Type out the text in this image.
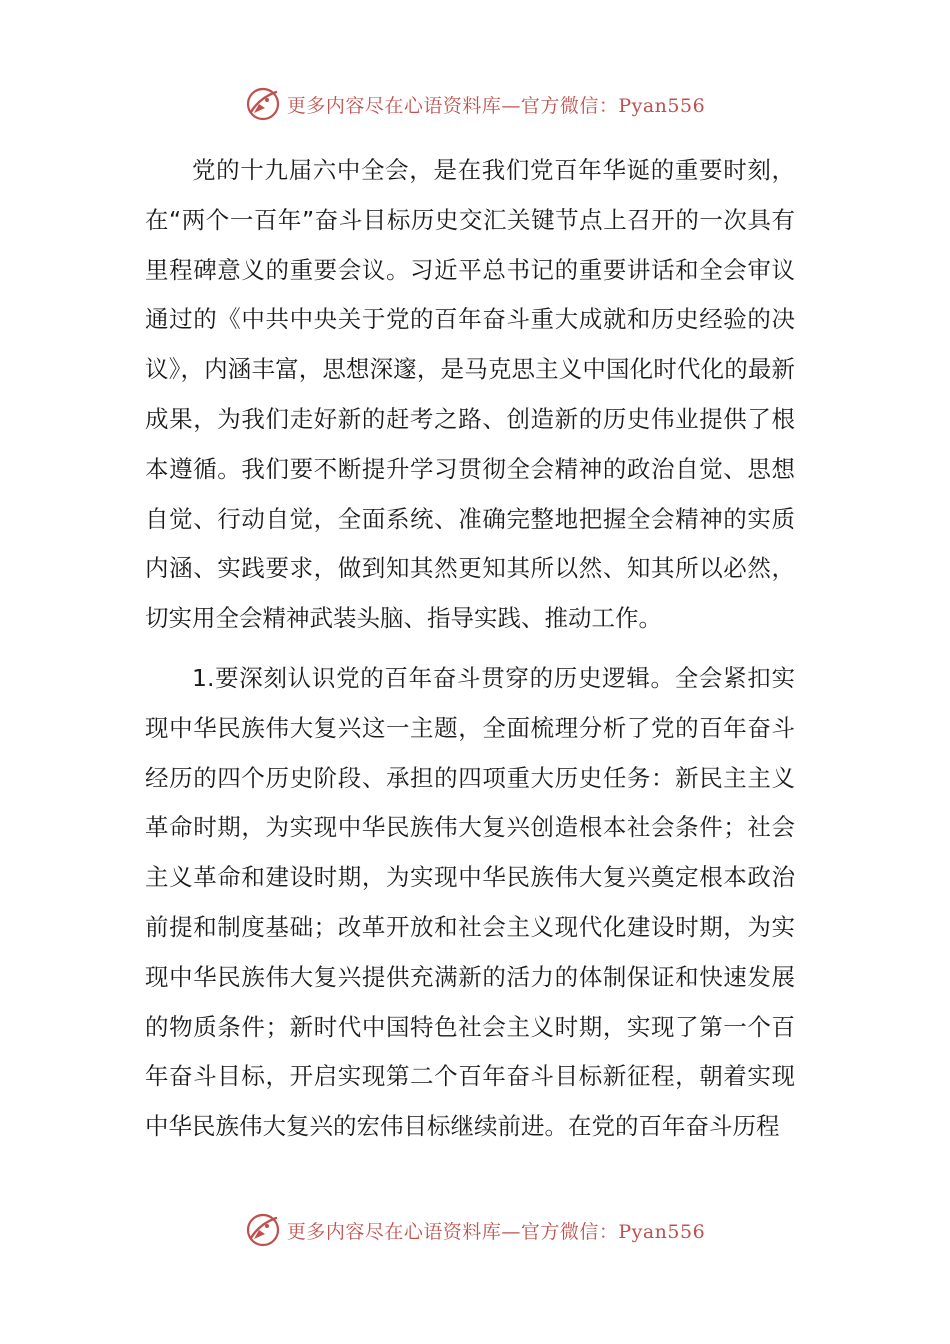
更多内容尽在心语资料库—官方微信：Pyan556

党的十九届六中全会，是在我们党百年华诞的重要时刻，在“两个一百年”奋斗目标历史交汇关键节点上召开的一次具有里程碑意义的重要会议。习近平总书记的重要讲话和全会审议通过的《中共中央关于党的百年奋斗重大成就和历史经验的决议》，内涵丰富，思想深邃，是马克思主义中国化时代化的最新成果，为我们走好新的赶考之路、创造新的历史伟业提供了根本遵循。我们要不断提升学习贯彻全会精神的政治自觉、思想自觉、行动自觉，全面系统、准确完整地把握全会精神的实质内涵、实践要求，做到知其然更知其所以然、知其所以必然，切实用全会精神武装头脑、指导实践、推动工作。

1.要深刻认识党的百年奋斗贯穿的历史逻辑。全会紧扣实现中华民族伟大复兴这一主题，全面梳理分析了党的百年奋斗经历的四个历史阶段、承担的四项重大历史任务：新民主主义革命时期，为实现中华民族伟大复兴创造根本社会条件；社会主义革命和建设时期，为实现中华民族伟大复兴奠定根本政治前提和制度基础；改革开放和社会主义现代化建设时期，为实现中华民族伟大复兴提供充满新的活力的体制保证和快速发展的物质条件；新时代中国特色社会主义时期，实现了第一个百年奋斗目标，开启实现第二个百年奋斗目标新征程，朝着实现中华民族伟大复兴的宏伟目标继续前进。在党的百年奋斗历程

更多内容尽在心语资料库—官方微信：Pyan556
